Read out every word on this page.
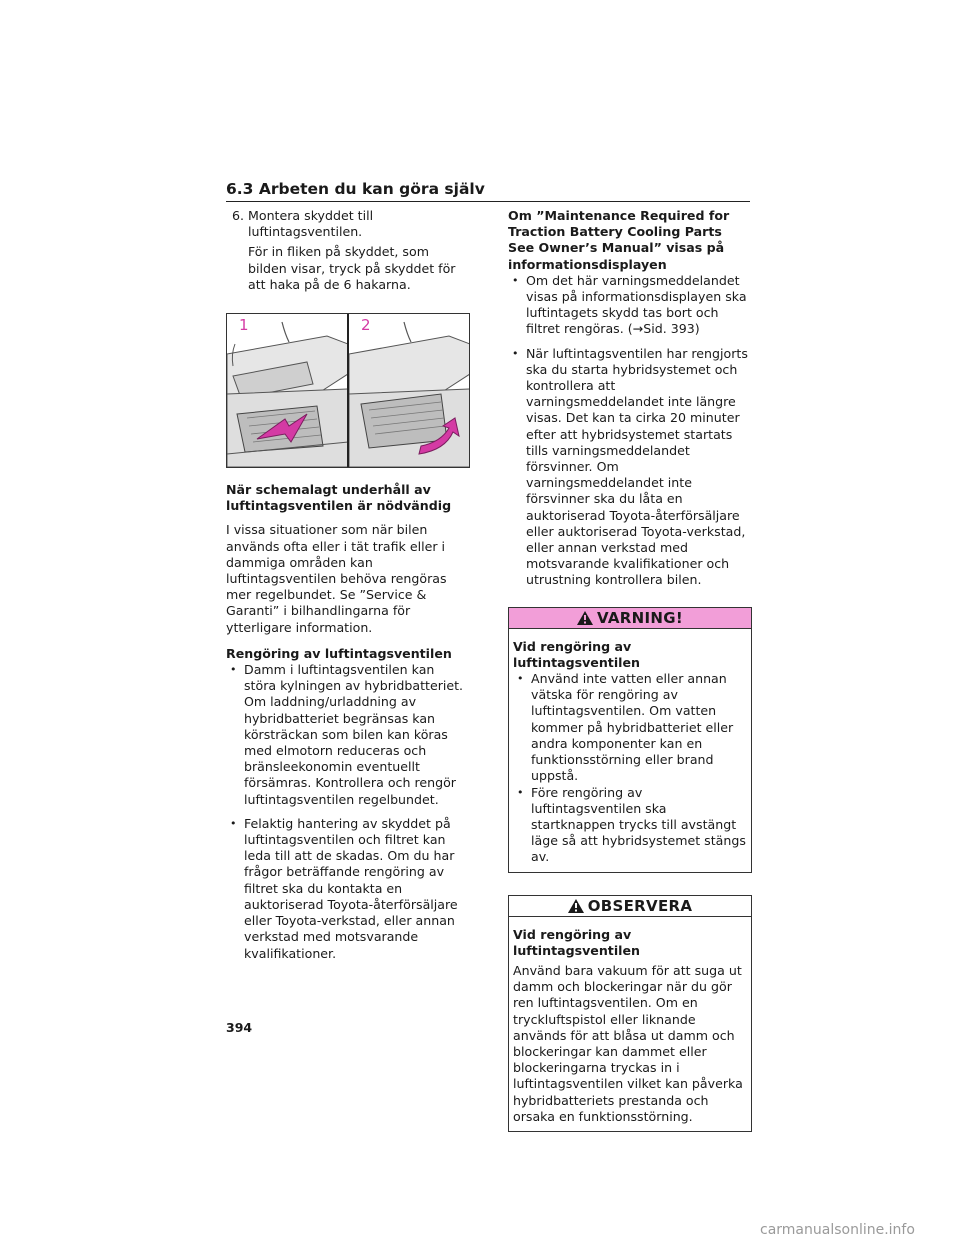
6.3 Arbeten du kan göra själv
6. Montera skyddet till luftintagsventilen.

För in fliken på skyddet, som bilden visar, tryck på skyddet för att haka på de 6 hakarna.

1	2

När schemalagt underhåll av luftintagsventilen är nödvändig

I vissa situationer som när bilen används ofta eller i tät trafik eller i dammiga områden kan luftintagsventilen behöva rengöras mer regelbundet. Se ”Service & Garanti” i bilhandlingarna för ytterligare information.

Rengöring av luftintagsventilen

• Damm i luftintagsventilen kan störa kylningen av hybridbatteriet. Om laddning/urladdning av hybridbatteriet begränsas kan körsträckan som bilen kan köras med elmotorn reduceras och bränsleekonomin eventuellt försämras. Kontrollera och rengör luftintagsventilen regelbundet.
• Felaktig hantering av skyddet på luftintagsventilen och filtret kan leda till att de skadas. Om du har frågor beträffande rengöring av filtret ska du kontakta en auktoriserad Toyota-återförsäljare eller Toyota-verkstad, eller annan verkstad med motsvarande kvalifikationer.

Om ”Maintenance Required for Traction Battery Cooling Parts See Owner’s Manual” visas på informationsdisplayen

• Om det här varningsmeddelandet visas på informationsdisplayen ska luftintagets skydd tas bort och filtret rengöras. (→Sid. 393)
• När luftintagsventilen har rengjorts ska du starta hybridsystemet och kontrollera att varningsmeddelandet inte längre visas. Det kan ta cirka 20 minuter efter att hybridsystemet startats tills varningsmeddelandet försvinner. Om varningsmeddelandet inte försvinner ska du låta en auktoriserad Toyota-återförsäljare eller auktoriserad Toyota-verkstad, eller annan verkstad med motsvarande kvalifikationer och utrustning kontrollera bilen.
VARNING!

Vid rengöring av luftintagsventilen

• Använd inte vatten eller annan vätska för rengöring av luftintagsventilen. Om vatten kommer på hybridbatteriet eller andra komponenter kan en funktionsstörning eller brand uppstå.
• Före rengöring av luftintagsventilen ska startknappen trycks till avstängt läge så att hybridsystemet stängs av.
OBSERVERA

Vid rengöring av luftintagsventilen

Använd bara vakuum för att suga ut damm och blockeringar när du gör ren luftintagsventilen. Om en tryckluftspistol eller liknande används för att blåsa ut damm och blockeringar kan dammet eller blockeringarna tryckas in i luftintagsventilen vilket kan påverka hybridbatteriets prestanda och orsaka en funktionsstörning.

394
carmanualsonline.info
